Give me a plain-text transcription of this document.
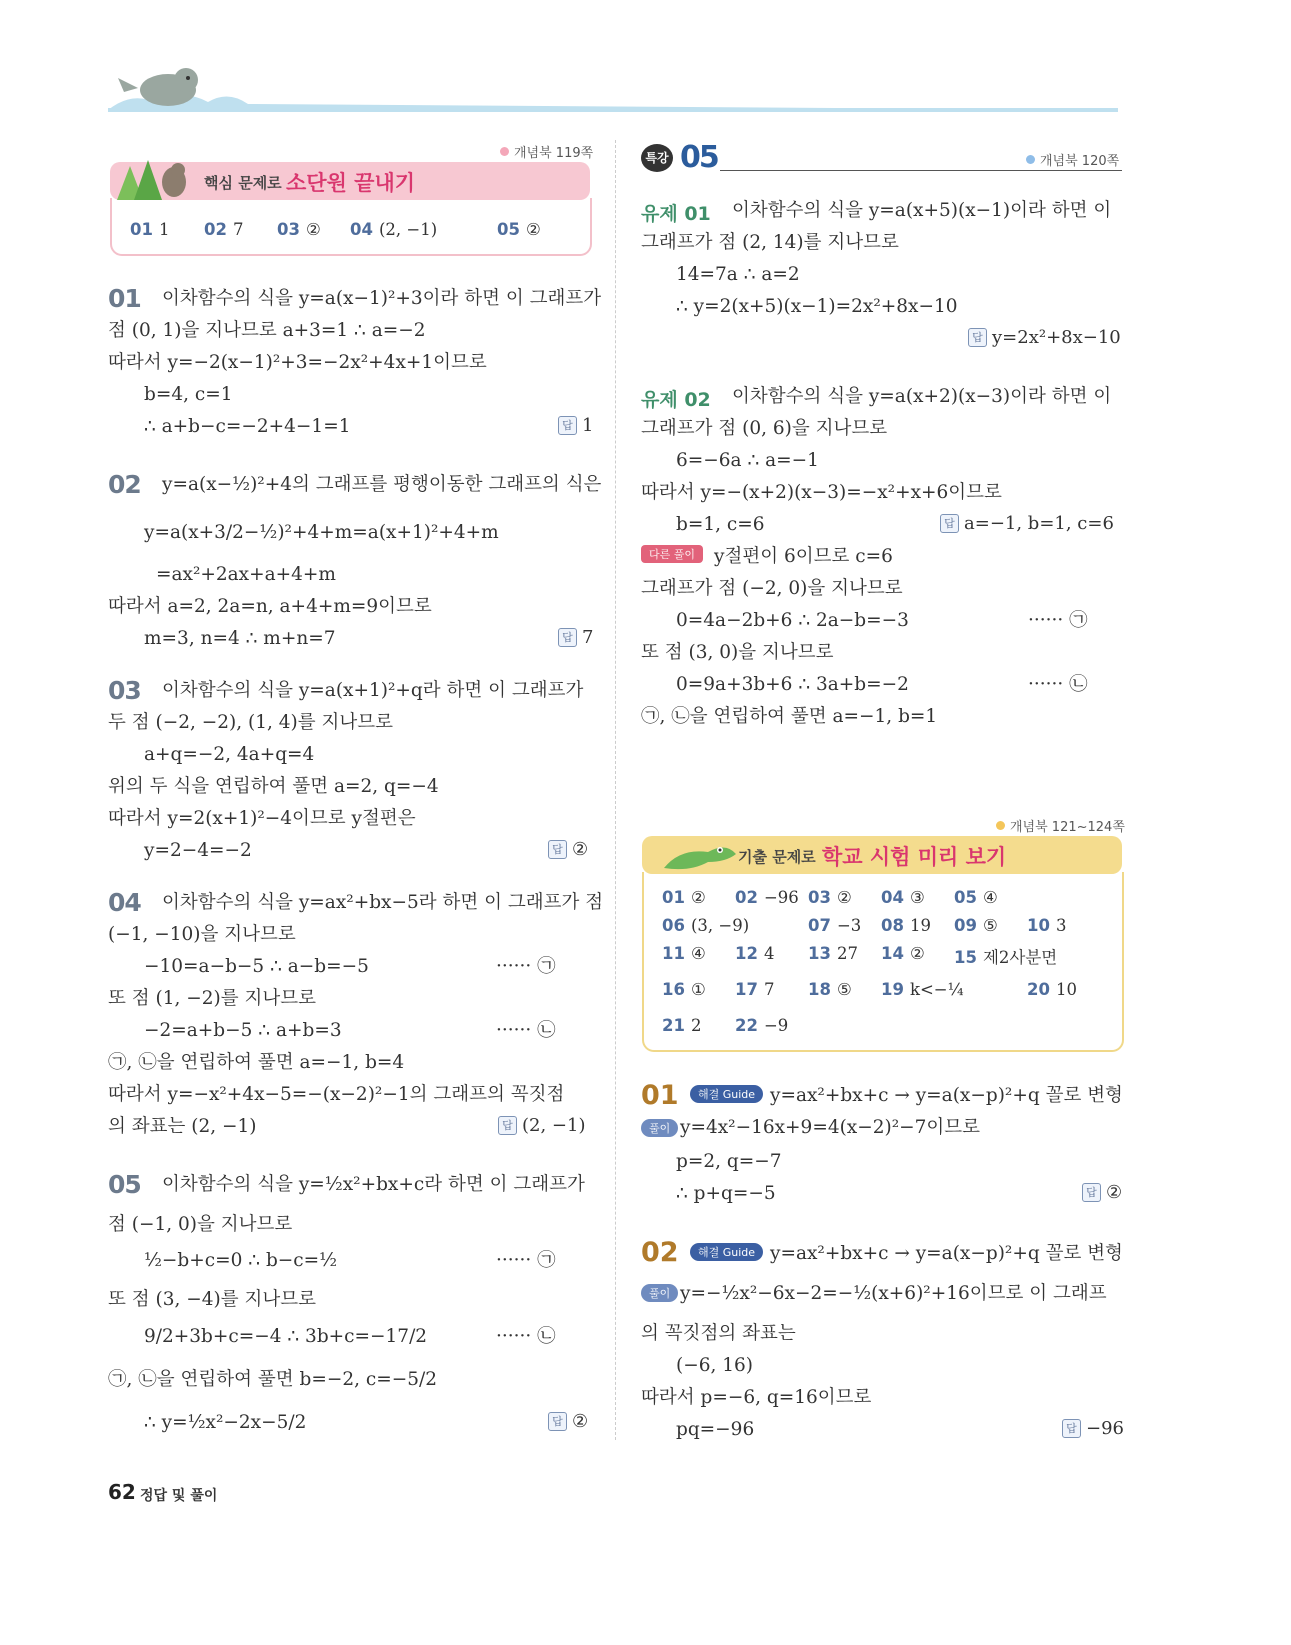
개념북 119쪽
핵심 문제로 소단원 끝내기
01 1 02 7 03 ② 04 (2, −1)	05 ②
01 이차함수의 식을 y=a(x−1)²+3이라 하면 이 그래프가
점 (0, 1)을 지나므로 a+3=1 ∴ a=−2
따라서 y=−2(x−1)²+3=−2x²+4x+1이므로
b=4, c=1
∴ a+b−c=−2+4−1=1	답 1
02 y=a(x−½)²+4의 그래프를 평행이동한 그래프의 식은
y=a(x+3/2−½)²+4+m=a(x+1)²+4+m
=ax²+2ax+a+4+m
따라서 a=2, 2a=n, a+4+m=9이므로
m=3, n=4 ∴ m+n=7	답 7
03 이차함수의 식을 y=a(x+1)²+q라 하면 이 그래프가
두 점 (−2, −2), (1, 4)를 지나므로
a+q=−2, 4a+q=4
위의 두 식을 연립하여 풀면 a=2, q=−4
따라서 y=2(x+1)²−4이므로 y절편은
y=2−4=−2	답 ②
04 이차함수의 식을 y=ax²+bx−5라 하면 이 그래프가 점
(−1, −10)을 지나므로
−10=a−b−5 ∴ a−b=−5	······ ㉠
또 점 (1, −2)를 지나므로
−2=a+b−5 ∴ a+b=3	······ ㉡
㉠, ㉡을 연립하여 풀면 a=−1, b=4
따라서 y=−x²+4x−5=−(x−2)²−1의 그래프의 꼭짓점
의 좌표는 (2, −1)	답 (2, −1)
05 이차함수의 식을 y=½x²+bx+c라 하면 이 그래프가
점 (−1, 0)을 지나므로
½−b+c=0 ∴ b−c=½	······ ㉠
또 점 (3, −4)를 지나므로
9/2+3b+c=−4 ∴ 3b+c=−17/2	······ ㉡
㉠, ㉡을 연립하여 풀면 b=−2, c=−5/2
∴ y=½x²−2x−5/2	답 ②
특강 05	개념북 120쪽
유제 01 이차함수의 식을 y=a(x+5)(x−1)이라 하면 이
그래프가 점 (2, 14)를 지나므로
14=7a ∴ a=2
∴ y=2(x+5)(x−1)=2x²+8x−10
답 y=2x²+8x−10
유제 02 이차함수의 식을 y=a(x+2)(x−3)이라 하면 이
그래프가 점 (0, 6)을 지나므로
6=−6a ∴ a=−1
따라서 y=−(x+2)(x−3)=−x²+x+6이므로
b=1, c=6	답 a=−1, b=1, c=6
다른 풀이	y절편이 6이므로 c=6
그래프가 점 (−2, 0)을 지나므로
0=4a−2b+6 ∴ 2a−b=−3	······ ㉠
또 점 (3, 0)을 지나므로
0=9a+3b+6 ∴ 3a+b=−2	······ ㉡
㉠, ㉡을 연립하여 풀면 a=−1, b=1
개념북 121~124쪽
기출 문제로 학교 시험 미리 보기
01 ② 02 −96 03 ② 04 ③ 05 ④
06 (3, −9)	07 −3 08 19 09 ⑤ 10 3
11 ④ 12 4 13 27 14 ② 15 제2사분면
16 ① 17 7 18 ⑤ 19 k<−¼	20 10
21 2 22 −9
01	해결 Guide y=ax²+bx+c → y=a(x−p)²+q 꼴로 변형
풀이 y=4x²−16x+9=4(x−2)²−7이므로
p=2, q=−7
∴ p+q=−5	답 ②
02	해결 Guide y=ax²+bx+c → y=a(x−p)²+q 꼴로 변형
풀이 y=−½x²−6x−2=−½(x+6)²+16이므로 이 그래프
의 꼭짓점의 좌표는
(−6, 16)
따라서 p=−6, q=16이므로
pq=−96	답 −96
62 정답 및 풀이
